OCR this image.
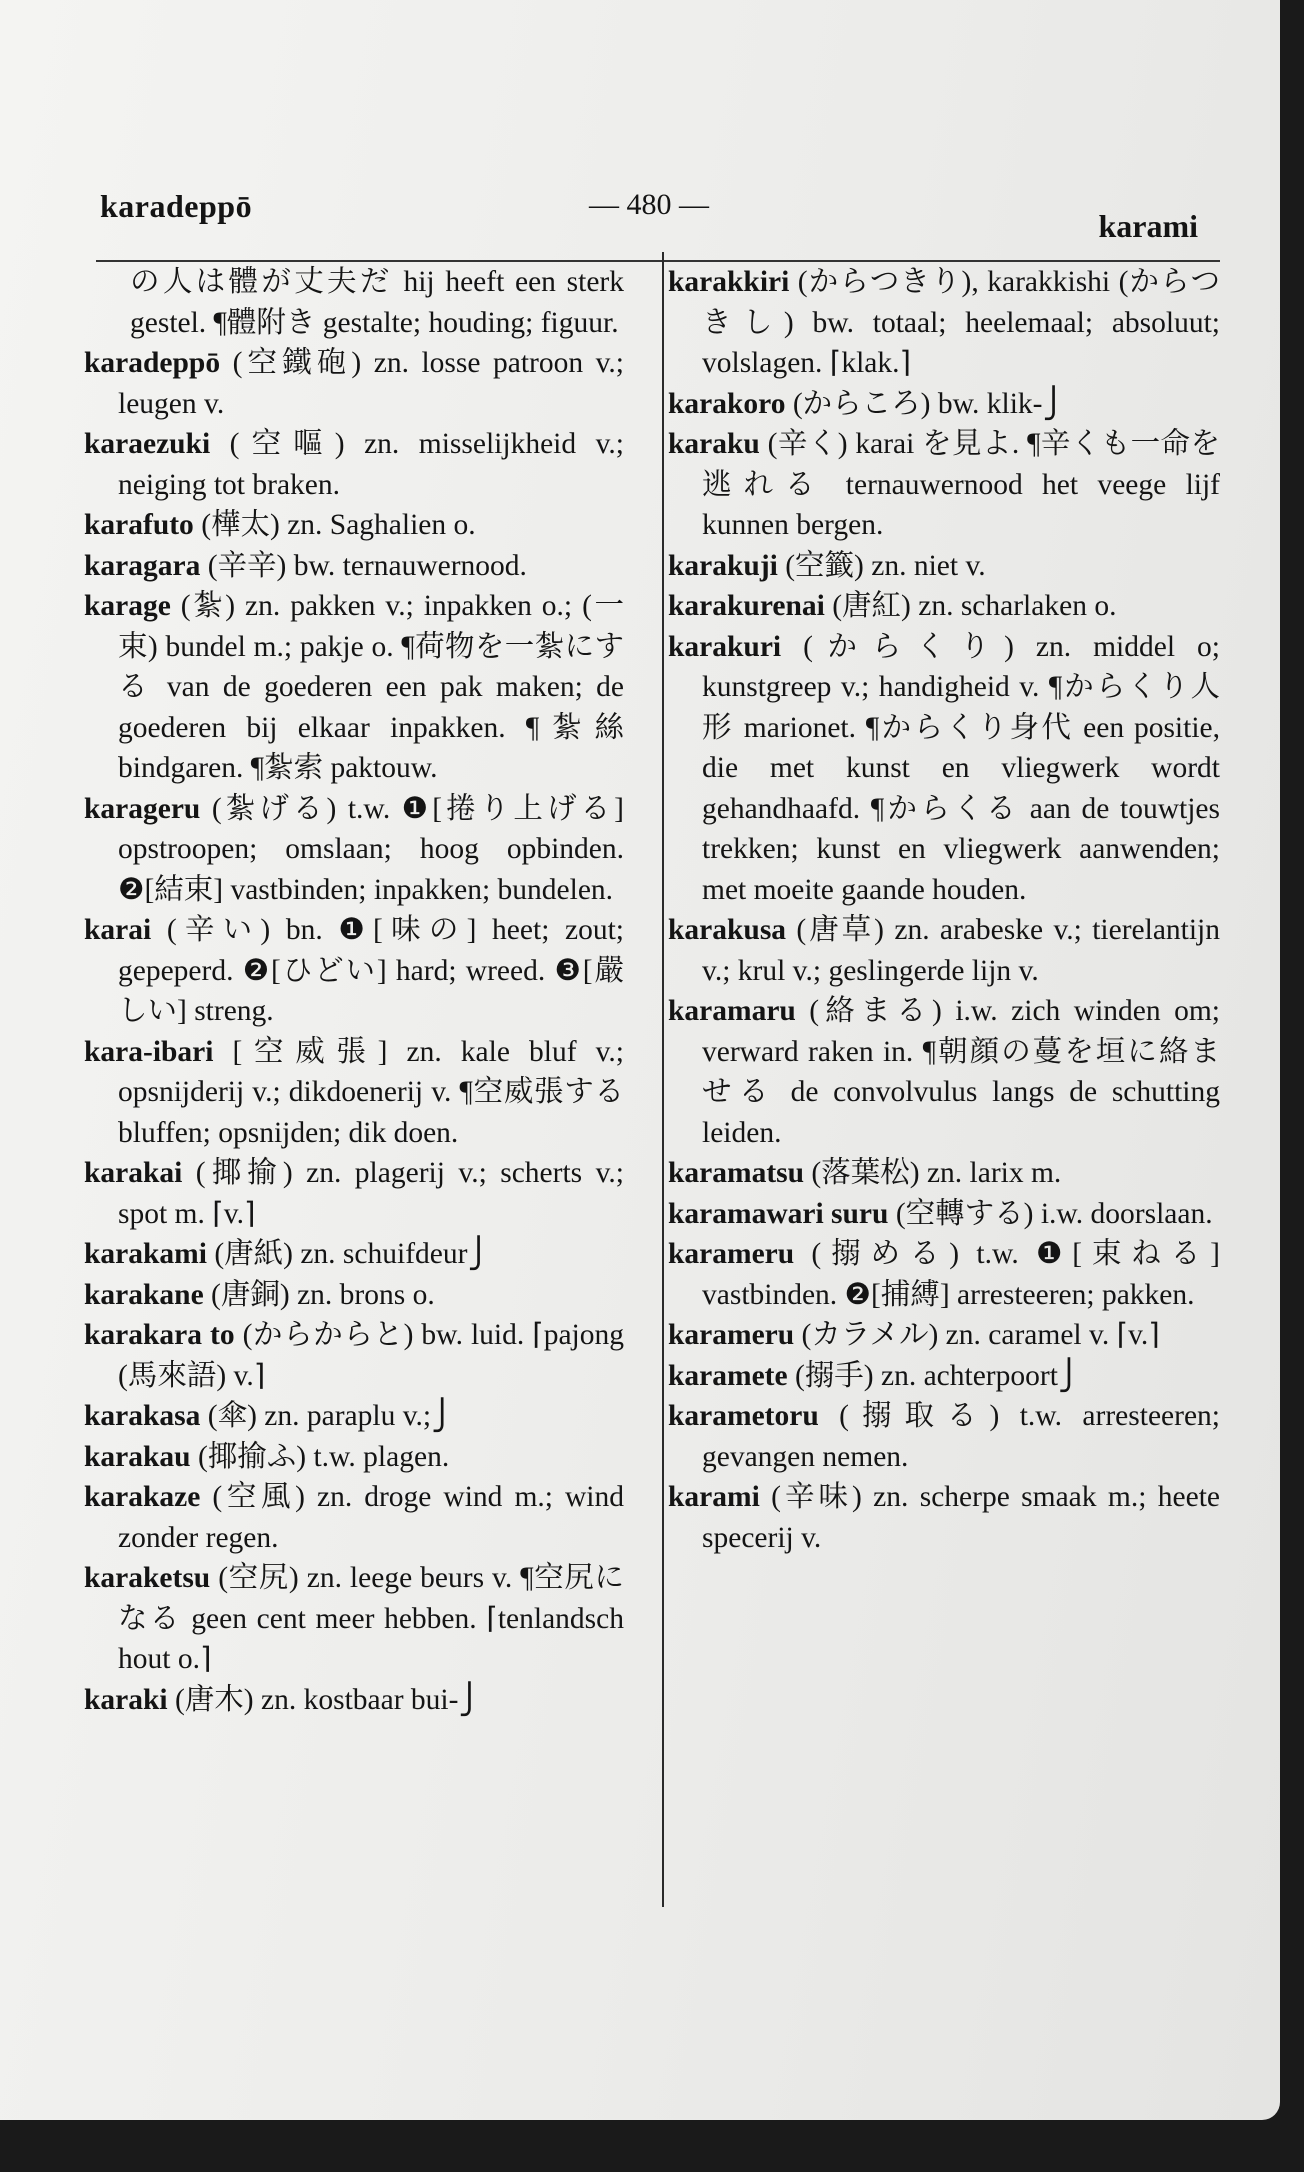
karadeppō	— 480 —
karami
の人は體が丈夫だ hij heeft een sterk gestel. ¶體附き gestalte; houding; figuur.
karadeppō (空鐵砲) zn. losse patroon v.; leugen v.
karaezuki (空嘔) zn. misselijkheid v.; neiging tot braken.
karafuto (樺太) zn. Saghalien o.
karagara (辛辛) bw. ternauwernood.
karage (紮) zn. pakken v.; inpakken o.; (一束) bundel m.; pakje o. ¶荷物を一紮にする van de goederen een pak maken; de goederen bij elkaar inpakken. ¶紮絲 bindgaren. ¶紮索 paktouw.
karageru (紮げる) t.w. ❶[捲り上げる] opstroopen; omslaan; hoog opbinden. ❷[結束] vastbinden; inpakken; bundelen.
karai (辛い) bn. ❶[味の] heet; zout; gepeperd. ❷[ひどい] hard; wreed. ❸[嚴しい] streng.
kara-ibari [空威張] zn. kale bluf v.; opsnijderij v.; dikdoenerij v. ¶空威張する bluffen; opsnijden; dik doen.
karakai (揶揄) zn. plagerij v.; scherts v.; spot m. ⌈v.⌉
karakami (唐紙) zn. schuifdeur⎭
karakane (唐銅) zn. brons o.
karakara to (からからと) bw. luid. ⌈pajong (馬來語) v.⌉
karakasa (傘) zn. paraplu v.;⎭
karakau (揶揄ふ) t.w. plagen.
karakaze (空風) zn. droge wind m.; wind zonder regen.
karaketsu (空尻) zn. leege beurs v. ¶空尻になる geen cent meer hebben. ⌈tenlandsch hout o.⌉
karaki (唐木) zn. kostbaar bui-⎭
karakkiri (からつきり), karakkishi (からつきし) bw. totaal; heelemaal; absoluut; volslagen. ⌈klak.⌉
karakoro (からころ) bw. klik-⎭
karaku (辛く) karai を見よ. ¶辛くも一命を逃れる ternauwernood het veege lijf kunnen bergen.
karakuji (空籤) zn. niet v.
karakurenai (唐紅) zn. scharlaken o.
karakuri (からくり) zn. middel o; kunstgreep v.; handigheid v. ¶からくり人形 marionet. ¶からくり身代 een positie, die met kunst en vliegwerk wordt gehandhaafd. ¶からくる aan de touwtjes trekken; kunst en vliegwerk aanwenden; met moeite gaande houden.
karakusa (唐草) zn. arabeske v.; tierelantijn v.; krul v.; geslingerde lijn v.
karamaru (絡まる) i.w. zich winden om; verward raken in. ¶朝顔の蔓を垣に絡ませる de convolvulus langs de schutting leiden.
karamatsu (落葉松) zn. larix m.
karamawari suru (空轉する) i.w. doorslaan.
karameru (搦める) t.w. ❶[束ねる] vastbinden. ❷[捕縛] arresteeren; pakken.
karameru (カラメル) zn. caramel v. ⌈v.⌉
karamete (搦手) zn. achterpoort⎭
karametoru (搦取る) t.w. arresteeren; gevangen nemen.
karami (辛味) zn. scherpe smaak m.; heete specerij v.
